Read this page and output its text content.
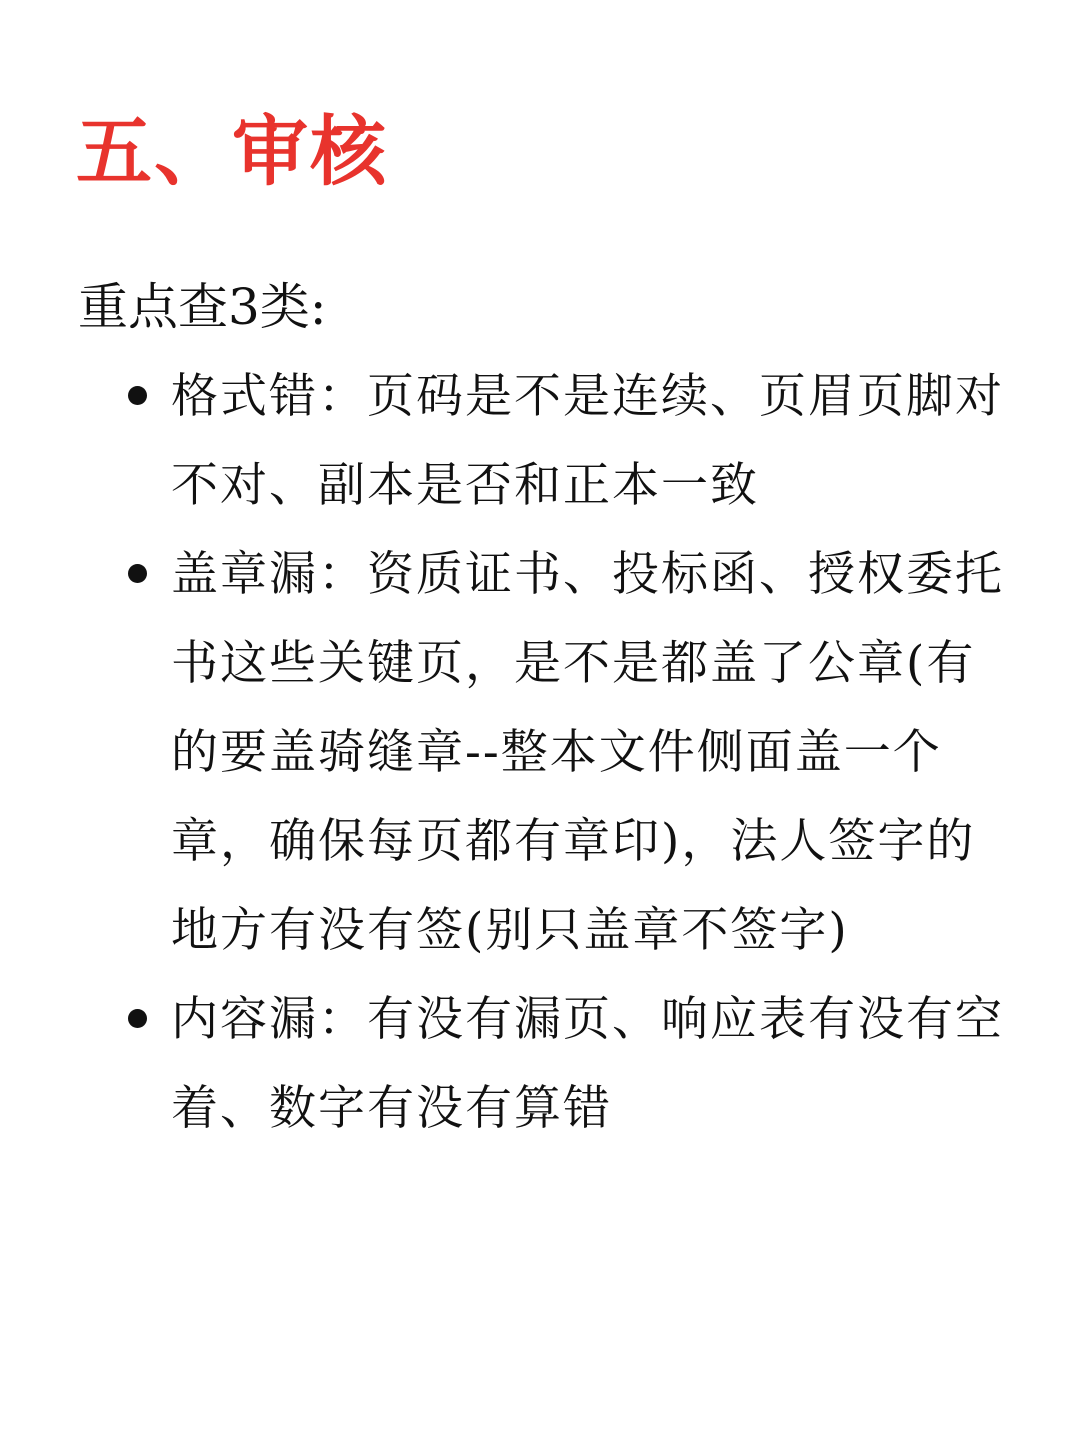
五、审核

重点查3类:

格式错：页码是不是连续、页眉页脚对不对、副本是否和正本一致
盖章漏：资质证书、投标函、授权委托书这些关键页，是不是都盖了公章(有的要盖骑缝章--整本文件侧面盖一个章，确保每页都有章印)，法人签字的地方有没有签(别只盖章不签字)
内容漏：有没有漏页、响应表有没有空着、数字有没有算错
